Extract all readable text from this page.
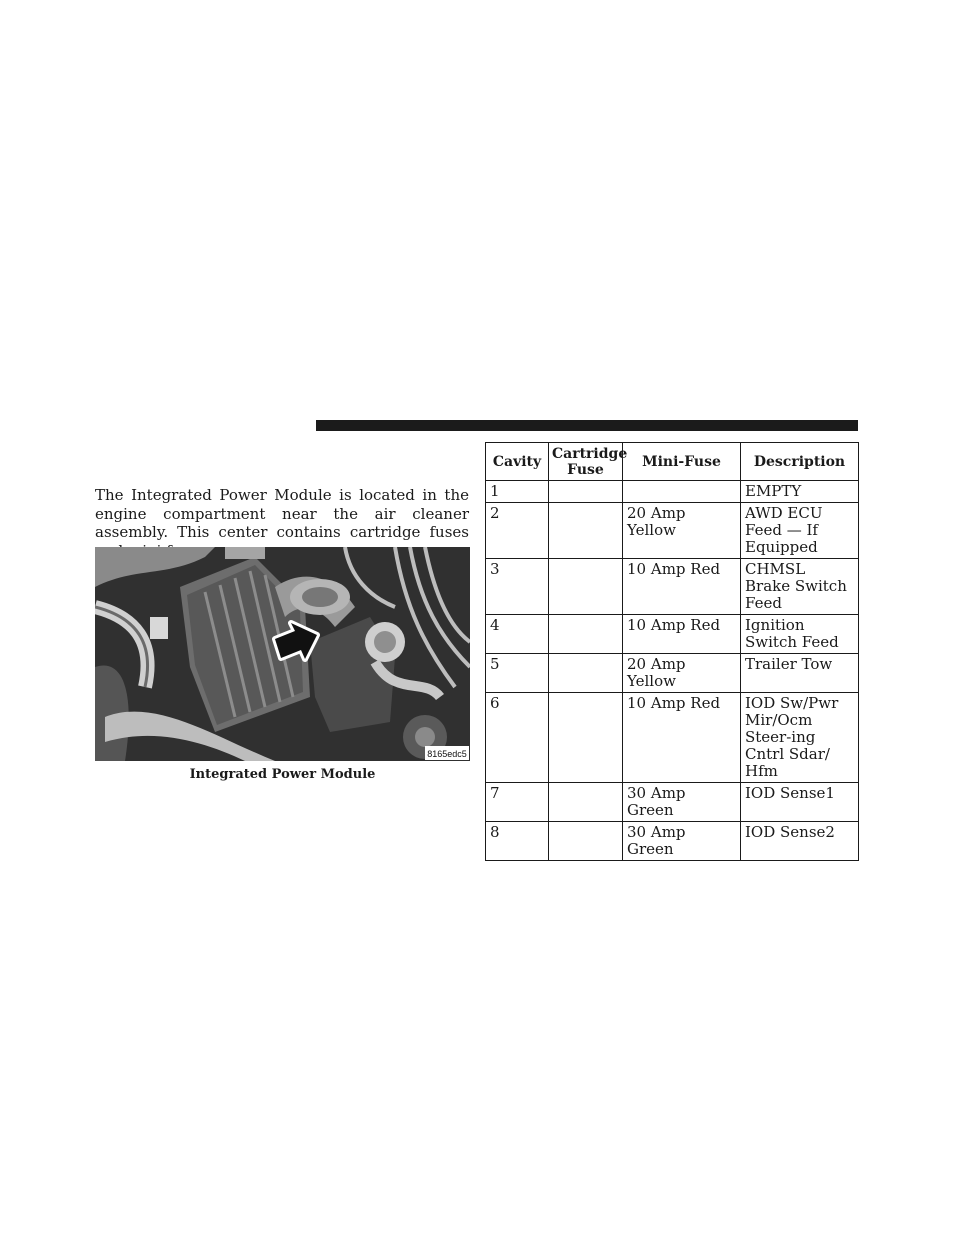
The Integrated Power Module is located in the engine compartment near the air cleaner assembly. This center contains cartridge fuses

8165edc5
Integrated Power Module
Cavity	Cartridge Fuse	Mini-Fuse	Description
1			EMPTY
2		20 Amp Yellow	AWD ECU Feed — If Equipped
3		10 Amp Red	CHMSL Brake Switch Feed
4		10 Amp Red	Ignition Switch Feed
5		20 Amp Yellow	Trailer Tow
6		10 Amp Red	IOD Sw/Pwr Mir/Ocm Steer-ing Cntrl Sdar/ Hfm
7		30 Amp Green	IOD Sense1
8		30 Amp Green	IOD Sense2
